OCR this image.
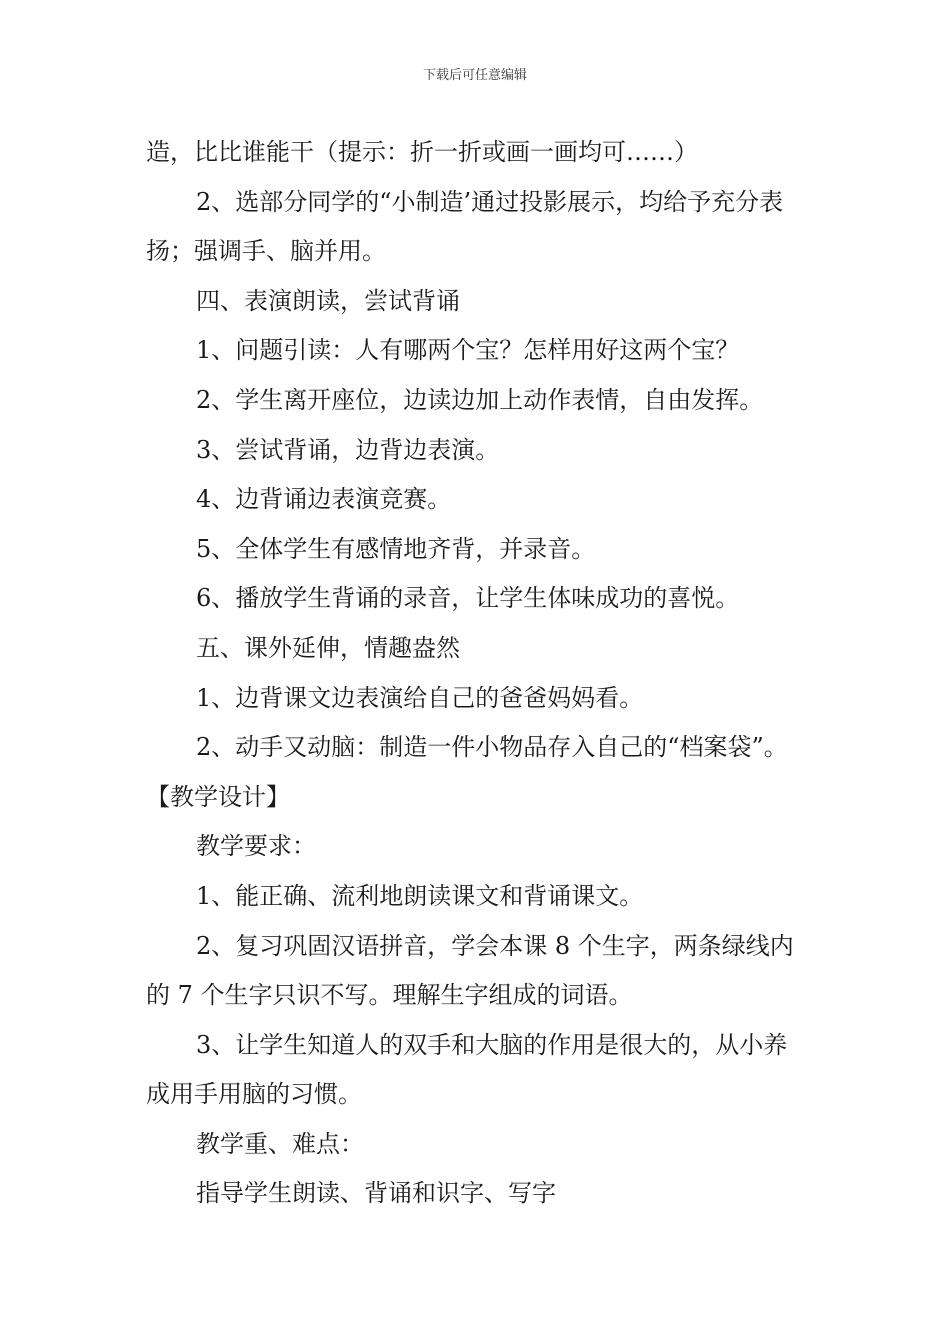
下载后可任意编辑

造，比比谁能干（提示：折一折或画一画均可……）

2、选部分同学的“小制造’通过投影展示，均给予充分表扬；强调手、脑并用。

四、表演朗读，尝试背诵

1、问题引读：人有哪两个宝？怎样用好这两个宝？

2、学生离开座位，边读边加上动作表情，自由发挥。

3、尝试背诵，边背边表演。

4、边背诵边表演竞赛。

5、全体学生有感情地齐背，并录音。

6、播放学生背诵的录音，让学生体味成功的喜悦。

五、课外延伸，情趣盎然

1、边背课文边表演给自己的爸爸妈妈看。

2、动手又动脑：制造一件小物品存入自己的“档案袋”。【教学设计】

教学要求：

1、能正确、流利地朗读课文和背诵课文。

2、复习巩固汉语拼音，学会本课 8 个生字，两条绿线内的 7 个生字只识不写。理解生字组成的词语。

3、让学生知道人的双手和大脑的作用是很大的，从小养成用手用脑的习惯。

教学重、难点：

指导学生朗读、背诵和识字、写字
